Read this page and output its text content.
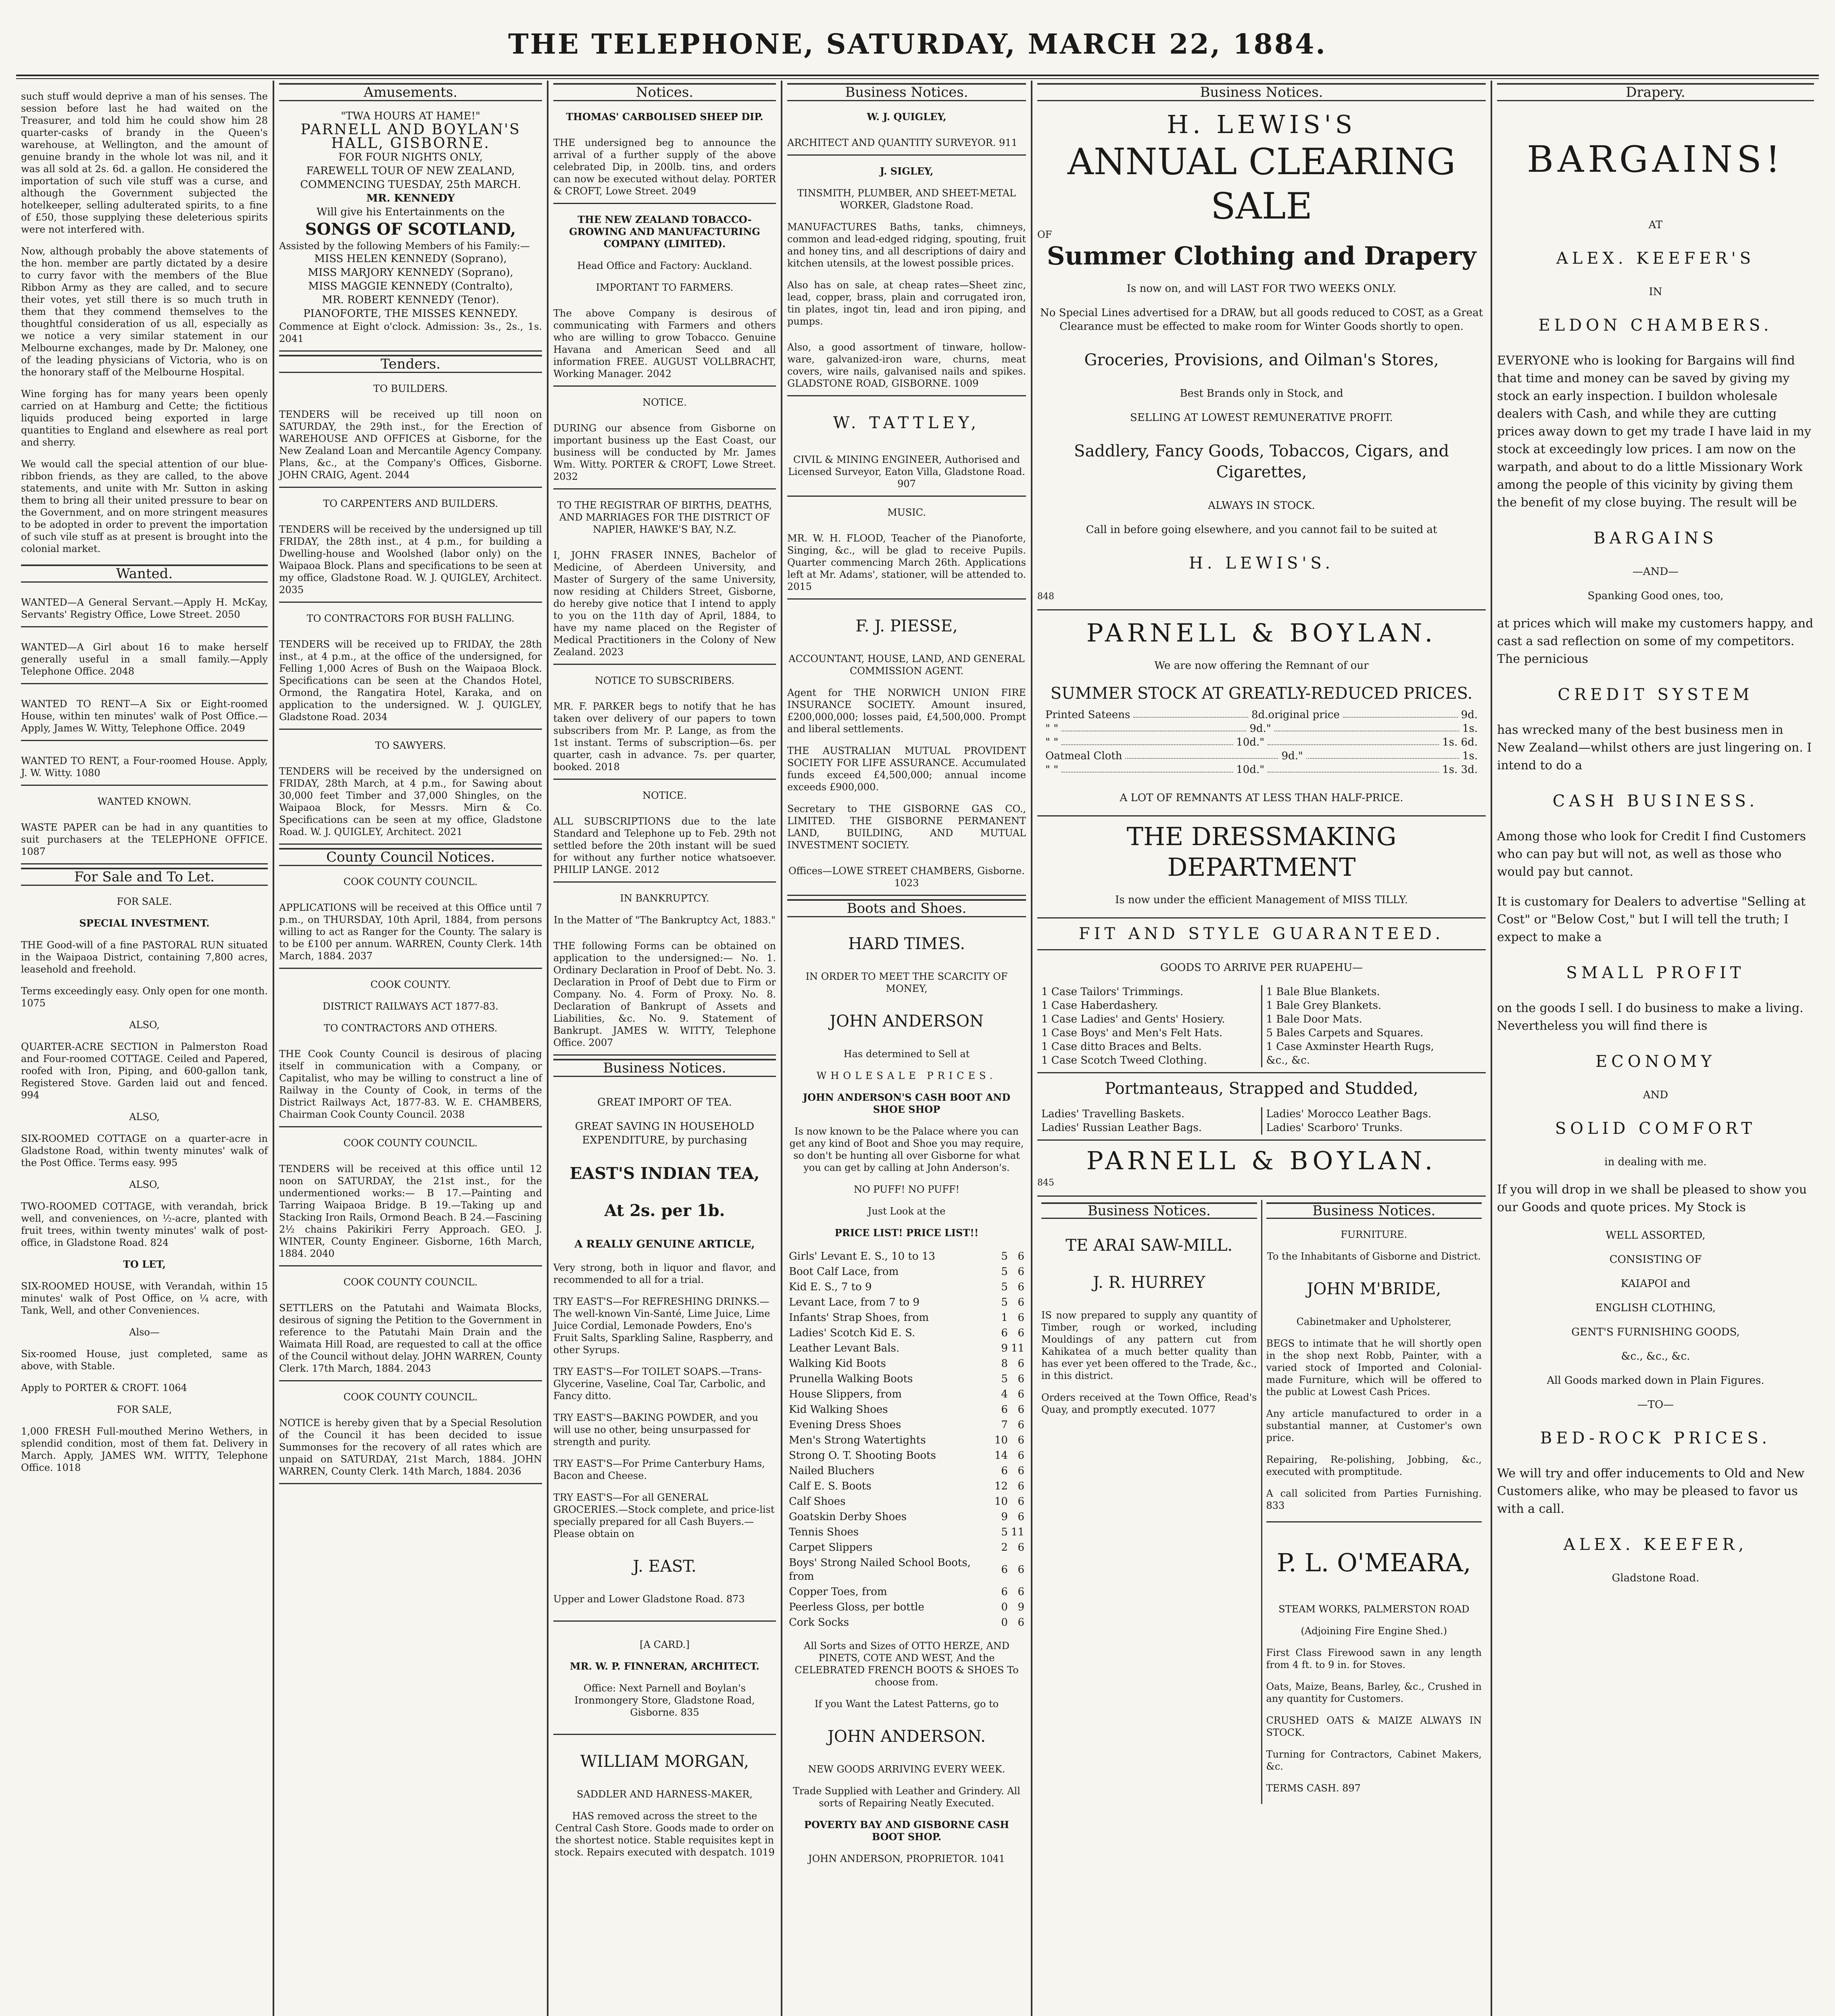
THE TELEPHONE, SATURDAY, MARCH 22, 1884.

such stuff would deprive a man of his senses. The session before last he had waited on the Treasurer, and told him he could show him 28 quarter-casks of brandy in the Queen's warehouse, at Wellington, and the amount of genuine brandy in the whole lot was nil, and it was all sold at 2s. 6d. a gallon. He considered the importation of such vile stuff was a curse, and although the Government subjected the hotelkeeper, selling adulterated spirits, to a fine of £50, those supplying these deleterious spirits were not interfered with.

Now, although probably the above statements of the hon. member are partly dictated by a desire to curry favor with the members of the Blue Ribbon Army as they are called, and to secure their votes, yet still there is so much truth in them that they commend themselves to the thoughtful consideration of us all, especially as we notice a very similar statement in our Melbourne exchanges, made by Dr. Maloney, one of the leading physicians of Victoria, who is on the honorary staff of the Melbourne Hospital.

Wine forging has for many years been openly carried on at Hamburg and Cette; the fictitious liquids produced being exported in large quantities to England and elsewhere as real port and sherry.

We would call the special attention of our blue-ribbon friends, as they are called, to the above statements, and unite with Mr. Sutton in asking them to bring all their united pressure to bear on the Government, and on more stringent measures to be adopted in order to prevent the importation of such vile stuff as at present is brought into the colonial market.

Wanted.

WANTED—A General Servant.—Apply H. McKay, Servants' Registry Office, Lowe Street. 2050

WANTED—A Girl about 16 to make herself generally useful in a small family.—Apply Telephone Office. 2048

WANTED TO RENT—A Six or Eight-roomed House, within ten minutes' walk of Post Office.—Apply, James W. Witty, Telephone Office. 2049

WANTED TO RENT, a Four-roomed House. Apply, J. W. Witty. 1080

WANTED KNOWN.

WASTE PAPER can be had in any quantities to suit purchasers at the TELEPHONE OFFICE. 1087

For Sale and To Let.

FOR SALE.

SPECIAL INVESTMENT.

THE Good-will of a fine PASTORAL RUN situated in the Waipaoa District, containing 7,800 acres, leasehold and freehold.

Terms exceedingly easy. Only open for one month. 1075

ALSO,

QUARTER-ACRE SECTION in Palmerston Road and Four-roomed COTTAGE. Ceiled and Papered, roofed with Iron, Piping, and 600-gallon tank, Registered Stove. Garden laid out and fenced. 994

ALSO,

SIX-ROOMED COTTAGE on a quarter-acre in Gladstone Road, within twenty minutes' walk of the Post Office. Terms easy. 995

ALSO,

TWO-ROOMED COTTAGE, with verandah, brick well, and conveniences, on ½-acre, planted with fruit trees, within twenty minutes' walk of post-office, in Gladstone Road. 824

TO LET,

SIX-ROOMED HOUSE, with Verandah, within 15 minutes' walk of Post Office, on ¼ acre, with Tank, Well, and other Conveniences.

Also—

Six-roomed House, just completed, same as above, with Stable.

Apply to PORTER & CROFT. 1064

FOR SALE,

1,000 FRESH Full-mouthed Merino Wethers, in splendid condition, most of them fat. Delivery in March. Apply, JAMES WM. WITTY, Telephone Office. 1018

Amusements.
"TWA HOURS AT HAME!"
PARNELL AND BOYLAN'S HALL, GISBORNE.
FOR FOUR NIGHTS ONLY,
FAREWELL TOUR OF NEW ZEALAND,
COMMENCING TUESDAY, 25th MARCH.
MR. KENNEDY
Will give his Entertainments on the
SONGS OF SCOTLAND,
Assisted by the following Members of his Family:—
MISS HELEN KENNEDY (Soprano),
MISS MARJORY KENNEDY (Soprano),
MISS MAGGIE KENNEDY (Contralto),
MR. ROBERT KENNEDY (Tenor).
PIANOFORTE, THE MISSES KENNEDY.
Commence at Eight o'clock. Admission: 3s., 2s., 1s. 2041
Tenders.

TO BUILDERS.

TENDERS will be received up till noon on SATURDAY, the 29th inst., for the Erection of WAREHOUSE AND OFFICES at Gisborne, for the New Zealand Loan and Mercantile Agency Company. Plans, &c., at the Company's Offices, Gisborne. JOHN CRAIG, Agent. 2044

TO CARPENTERS AND BUILDERS.

TENDERS will be received by the undersigned up till FRIDAY, the 28th inst., at 4 p.m., for building a Dwelling-house and Woolshed (labor only) on the Waipaoa Block. Plans and specifications to be seen at my office, Gladstone Road. W. J. QUIGLEY, Architect. 2035

TO CONTRACTORS FOR BUSH FALLING.

TENDERS will be received up to FRIDAY, the 28th inst., at 4 p.m., at the office of the undersigned, for Felling 1,000 Acres of Bush on the Waipaoa Block. Specifications can be seen at the Chandos Hotel, Ormond, the Rangatira Hotel, Karaka, and on application to the undersigned. W. J. QUIGLEY, Gladstone Road. 2034

TO SAWYERS.

TENDERS will be received by the undersigned on FRIDAY, 28th March, at 4 p.m., for Sawing about 30,000 feet Timber and 37,000 Shingles, on the Waipaoa Block, for Messrs. Mirn & Co. Specifications can be seen at my office, Gladstone Road. W. J. QUIGLEY, Architect. 2021

County Council Notices.

COOK COUNTY COUNCIL.

APPLICATIONS will be received at this Office until 7 p.m., on THURSDAY, 10th April, 1884, from persons willing to act as Ranger for the County. The salary is to be £100 per annum. WARREN, County Clerk. 14th March, 1884. 2037

COOK COUNTY.

DISTRICT RAILWAYS ACT 1877-83.

TO CONTRACTORS AND OTHERS.

THE Cook County Council is desirous of placing itself in communication with a Company, or Capitalist, who may be willing to construct a line of Railway in the County of Cook, in terms of the District Railways Act, 1877-83. W. E. CHAMBERS, Chairman Cook County Council. 2038

COOK COUNTY COUNCIL.

TENDERS will be received at this office until 12 noon on SATURDAY, the 21st inst., for the undermentioned works:— B 17.—Painting and Tarring Waipaoa Bridge. B 19.—Taking up and Stacking Iron Rails, Ormond Beach. B 24.—Fascining 2½ chains Pakirikiri Ferry Approach. GEO. J. WINTER, County Engineer. Gisborne, 16th March, 1884. 2040

COOK COUNTY COUNCIL.

SETTLERS on the Patutahi and Waimata Blocks, desirous of signing the Petition to the Government in reference to the Patutahi Main Drain and the Waimata Hill Road, are requested to call at the office of the Council without delay. JOHN WARREN, County Clerk. 17th March, 1884. 2043

COOK COUNTY COUNCIL.

NOTICE is hereby given that by a Special Resolution of the Council it has been decided to issue Summonses for the recovery of all rates which are unpaid on SATURDAY, 21st March, 1884. JOHN WARREN, County Clerk. 14th March, 1884. 2036

Notices.

THOMAS' CARBOLISED SHEEP DIP.

THE undersigned beg to announce the arrival of a further supply of the above celebrated Dip, in 200lb. tins, and orders can now be executed without delay. PORTER & CROFT, Lowe Street. 2049

THE NEW ZEALAND TOBACCO-GROWING AND MANUFACTURING COMPANY (LIMITED).

Head Office and Factory: Auckland.

IMPORTANT TO FARMERS.

The above Company is desirous of communicating with Farmers and others who are willing to grow Tobacco. Genuine Havana and American Seed and all information FREE. AUGUST VOLLBRACHT, Working Manager. 2042

NOTICE.

DURING our absence from Gisborne on important business up the East Coast, our business will be conducted by Mr. James Wm. Witty. PORTER & CROFT, Lowe Street. 2032

TO THE REGISTRAR OF BIRTHS, DEATHS, AND MARRIAGES FOR THE DISTRICT OF NAPIER, HAWKE'S BAY, N.Z.

I, JOHN FRASER INNES, Bachelor of Medicine, of Aberdeen University, and Master of Surgery of the same University, now residing at Childers Street, Gisborne, do hereby give notice that I intend to apply to you on the 11th day of April, 1884, to have my name placed on the Register of Medical Practitioners in the Colony of New Zealand. 2023

NOTICE TO SUBSCRIBERS.

MR. F. PARKER begs to notify that he has taken over delivery of our papers to town subscribers from Mr. P. Lange, as from the 1st instant. Terms of subscription—6s. per quarter, cash in advance. 7s. per quarter, booked. 2018

NOTICE.

ALL SUBSCRIPTIONS due to the late Standard and Telephone up to Feb. 29th not settled before the 20th instant will be sued for without any further notice whatsoever. PHILIP LANGE. 2012

IN BANKRUPTCY.

In the Matter of "The Bankruptcy Act, 1883."

THE following Forms can be obtained on application to the undersigned:— No. 1. Ordinary Declaration in Proof of Debt. No. 3. Declaration in Proof of Debt due to Firm or Company. No. 4. Form of Proxy. No. 8. Declaration of Bankrupt of Assets and Liabilities, &c. No. 9. Statement of Bankrupt. JAMES W. WITTY, Telephone Office. 2007

Business Notices.

GREAT IMPORT OF TEA.

GREAT SAVING IN HOUSEHOLD EXPENDITURE, by purchasing

EAST'S INDIAN TEA,

At 2s. per 1b.

A REALLY GENUINE ARTICLE,

Very strong, both in liquor and flavor, and recommended to all for a trial.

TRY EAST'S—For REFRESHING DRINKS.—The well-known Vin-Santé, Lime Juice, Lime Juice Cordial, Lemonade Powders, Eno's Fruit Salts, Sparkling Saline, Raspberry, and other Syrups.

TRY EAST'S—For TOILET SOAPS.—Trans-Glycerine, Vaseline, Coal Tar, Carbolic, and Fancy ditto.

TRY EAST'S—BAKING POWDER, and you will use no other, being unsurpassed for strength and purity.

TRY EAST'S—For Prime Canterbury Hams, Bacon and Cheese.

TRY EAST'S—For all GENERAL GROCERIES.—Stock complete, and price-list specially prepared for all Cash Buyers.—Please obtain on

J. EAST.

Upper and Lower Gladstone Road. 873

[A CARD.]

MR. W. P. FINNERAN, ARCHITECT.

Office: Next Parnell and Boylan's Ironmongery Store, Gladstone Road, Gisborne. 835

WILLIAM MORGAN,

SADDLER AND HARNESS-MAKER,

HAS removed across the street to the Central Cash Store. Goods made to order on the shortest notice. Stable requisites kept in stock. Repairs executed with despatch. 1019

Business Notices.

W. J. QUIGLEY,

ARCHITECT AND QUANTITY SURVEYOR. 911

J. SIGLEY,

TINSMITH, PLUMBER, AND SHEET-METAL WORKER, Gladstone Road.

MANUFACTURES Baths, tanks, chimneys, common and lead-edged ridging, spouting, fruit and honey tins, and all descriptions of dairy and kitchen utensils, at the lowest possible prices.

Also has on sale, at cheap rates—Sheet zinc, lead, copper, brass, plain and corrugated iron, tin plates, ingot tin, lead and iron piping, and pumps.

Also, a good assortment of tinware, hollow-ware, galvanized-iron ware, churns, meat covers, wire nails, galvanised nails and spikes. GLADSTONE ROAD, GISBORNE. 1009

W. TATTLEY,

CIVIL & MINING ENGINEER, Authorised and Licensed Surveyor, Eaton Villa, Gladstone Road. 907

MUSIC.

MR. W. H. FLOOD, Teacher of the Pianoforte, Singing, &c., will be glad to receive Pupils. Quarter commencing March 26th. Applications left at Mr. Adams', stationer, will be attended to. 2015

F. J. PIESSE,

ACCOUNTANT, HOUSE, LAND, AND GENERAL COMMISSION AGENT.

Agent for THE NORWICH UNION FIRE INSURANCE SOCIETY. Amount insured, £200,000,000; losses paid, £4,500,000. Prompt and liberal settlements.

THE AUSTRALIAN MUTUAL PROVIDENT SOCIETY FOR LIFE ASSURANCE. Accumulated funds exceed £4,500,000; annual income exceeds £900,000.

Secretary to THE GISBORNE GAS CO., LIMITED. THE GISBORNE PERMANENT LAND, BUILDING, AND MUTUAL INVESTMENT SOCIETY.

Offices—LOWE STREET CHAMBERS, Gisborne. 1023

Boots and Shoes.

HARD TIMES.

IN ORDER TO MEET THE SCARCITY OF MONEY,

JOHN ANDERSON

Has determined to Sell at

WHOLESALE PRICES.

JOHN ANDERSON'S CASH BOOT AND SHOE SHOP

Is now known to be the Palace where you can get any kind of Boot and Shoe you may require, so don't be hunting all over Gisborne for what you can get by calling at John Anderson's.

NO PUFF! NO PUFF!

Just Look at the

PRICE LIST! PRICE LIST!!

Girls' Levant E. S., 10 to 13	5	6
Boot Calf Lace, from	5	6
Kid E. S., 7 to 9	5	6
Levant Lace, from 7 to 9	5	6
Infants' Strap Shoes, from	1	6
Ladies' Scotch Kid E. S.	6	6
Leather Levant Bals.	9	11
Walking Kid Boots	8	6
Prunella Walking Boots	5	6
House Slippers, from	4	6
Kid Walking Shoes	6	6
Evening Dress Shoes	7	6
Men's Strong Watertights	10	6
Strong O. T. Shooting Boots	14	6
Nailed Bluchers	6	6
Calf E. S. Boots	12	6
Calf Shoes	10	6
Goatskin Derby Shoes	9	6
Tennis Shoes	5	11
Carpet Slippers	2	6
Boys' Strong Nailed School Boots, from	6	6
Copper Toes, from	6	6
Peerless Gloss, per bottle	0	9
Cork Socks	0	6

All Sorts and Sizes of OTTO HERZE, AND PINETS, COTE AND WEST, And the CELEBRATED FRENCH BOOTS & SHOES To choose from.

If you Want the Latest Patterns, go to

JOHN ANDERSON.

NEW GOODS ARRIVING EVERY WEEK.

Trade Supplied with Leather and Grindery. All sorts of Repairing Neatly Executed.

POVERTY BAY AND GISBORNE CASH BOOT SHOP.

JOHN ANDERSON, PROPRIETOR. 1041

Business Notices.
H. LEWIS'S
ANNUAL CLEARING SALE
OF
Summer Clothing and Drapery

Is now on, and will LAST FOR TWO WEEKS ONLY.

No Special Lines advertised for a DRAW, but all goods reduced to COST, as a Great Clearance must be effected to make room for Winter Goods shortly to open.

Groceries, Provisions, and Oilman's Stores,

Best Brands only in Stock, and

SELLING AT LOWEST REMUNERATIVE PROFIT.

Saddlery, Fancy Goods, Tobaccos, Cigars, and Cigarettes,

ALWAYS IN STOCK.

Call in before going elsewhere, and you cannot fail to be suited at

H. LEWIS'S.

848
PARNELL & BOYLAN.

We are now offering the Remnant of our

SUMMER STOCK AT GREATLY-REDUCED PRICES.
Printed Sateens	8d. original price	9d.
" "	9d. "	1s.
" "	10d. "	1s. 6d.
Oatmeal Cloth	9d. "	1s.
" "	10d. "	1s. 3d.

A LOT OF REMNANTS AT LESS THAN HALF-PRICE.

THE DRESSMAKING DEPARTMENT

Is now under the efficient Management of MISS TILLY.

FIT AND STYLE GUARANTEED.

GOODS TO ARRIVE PER RUAPEHU—

1 Case Tailors' Trimmings.
1 Case Haberdashery.
1 Case Ladies' and Gents' Hosiery.
1 Case Boys' and Men's Felt Hats.
1 Case ditto Braces and Belts.
1 Case Scotch Tweed Clothing.
1 Bale Blue Blankets.
1 Bale Grey Blankets.
1 Bale Door Mats.
5 Bales Carpets and Squares.
1 Case Axminster Hearth Rugs,
&c., &c.
Portmanteaus, Strapped and Studded,
Ladies' Travelling Baskets.
Ladies' Russian Leather Bags.
Ladies' Morocco Leather Bags.
Ladies' Scarboro' Trunks.
PARNELL & BOYLAN.
845
Business Notices.

TE ARAI SAW-MILL.

J. R. HURREY

IS now prepared to supply any quantity of Timber, rough or worked, including Mouldings of any pattern cut from Kahikatea of a much better quality than has ever yet been offered to the Trade, &c., in this district.

Orders received at the Town Office, Read's Quay, and promptly executed. 1077

Business Notices.

FURNITURE.

To the Inhabitants of Gisborne and District.

JOHN M'BRIDE,

Cabinetmaker and Upholsterer,

BEGS to intimate that he will shortly open in the shop next Robb, Painter, with a varied stock of Imported and Colonial-made Furniture, which will be offered to the public at Lowest Cash Prices.

Any article manufactured to order in a substantial manner, at Customer's own price.

Repairing, Re-polishing, Jobbing, &c., executed with promptitude.

A call solicited from Parties Furnishing. 833

P. L. O'MEARA,

STEAM WORKS, PALMERSTON ROAD

(Adjoining Fire Engine Shed.)

First Class Firewood sawn in any length from 4 ft. to 9 in. for Stoves.

Oats, Maize, Beans, Barley, &c., Crushed in any quantity for Customers.

CRUSHED OATS & MAIZE ALWAYS IN STOCK.

Turning for Contractors, Cabinet Makers, &c.

TERMS CASH. 897

Drapery.

BARGAINS!

AT

ALEX. KEEFER'S

IN

ELDON CHAMBERS.

EVERYONE who is looking for Bargains will find that time and money can be saved by giving my stock an early inspection. I buildon wholesale dealers with Cash, and while they are cutting prices away down to get my trade I have laid in my stock at exceedingly low prices. I am now on the warpath, and about to do a little Missionary Work among the people of this vicinity by giving them the benefit of my close buying. The result will be

BARGAINS

—AND—

Spanking Good ones, too,

at prices which will make my customers happy, and cast a sad reflection on some of my competitors. The pernicious

CREDIT SYSTEM

has wrecked many of the best business men in New Zealand—whilst others are just lingering on. I intend to do a

CASH BUSINESS.

Among those who look for Credit I find Customers who can pay but will not, as well as those who would pay but cannot.

It is customary for Dealers to advertise "Selling at Cost" or "Below Cost," but I will tell the truth; I expect to make a

SMALL PROFIT

on the goods I sell. I do business to make a living. Nevertheless you will find there is

ECONOMY

AND

SOLID COMFORT

in dealing with me.

If you will drop in we shall be pleased to show you our Goods and quote prices. My Stock is

WELL ASSORTED,

CONSISTING OF

KAIAPOI and

ENGLISH CLOTHING,

GENT'S FURNISHING GOODS,

&c., &c., &c.

All Goods marked down in Plain Figures.

—TO—

BED-ROCK PRICES.

We will try and offer inducements to Old and New Customers alike, who may be pleased to favor us with a call.

ALEX. KEEFER,

Gladstone Road.
